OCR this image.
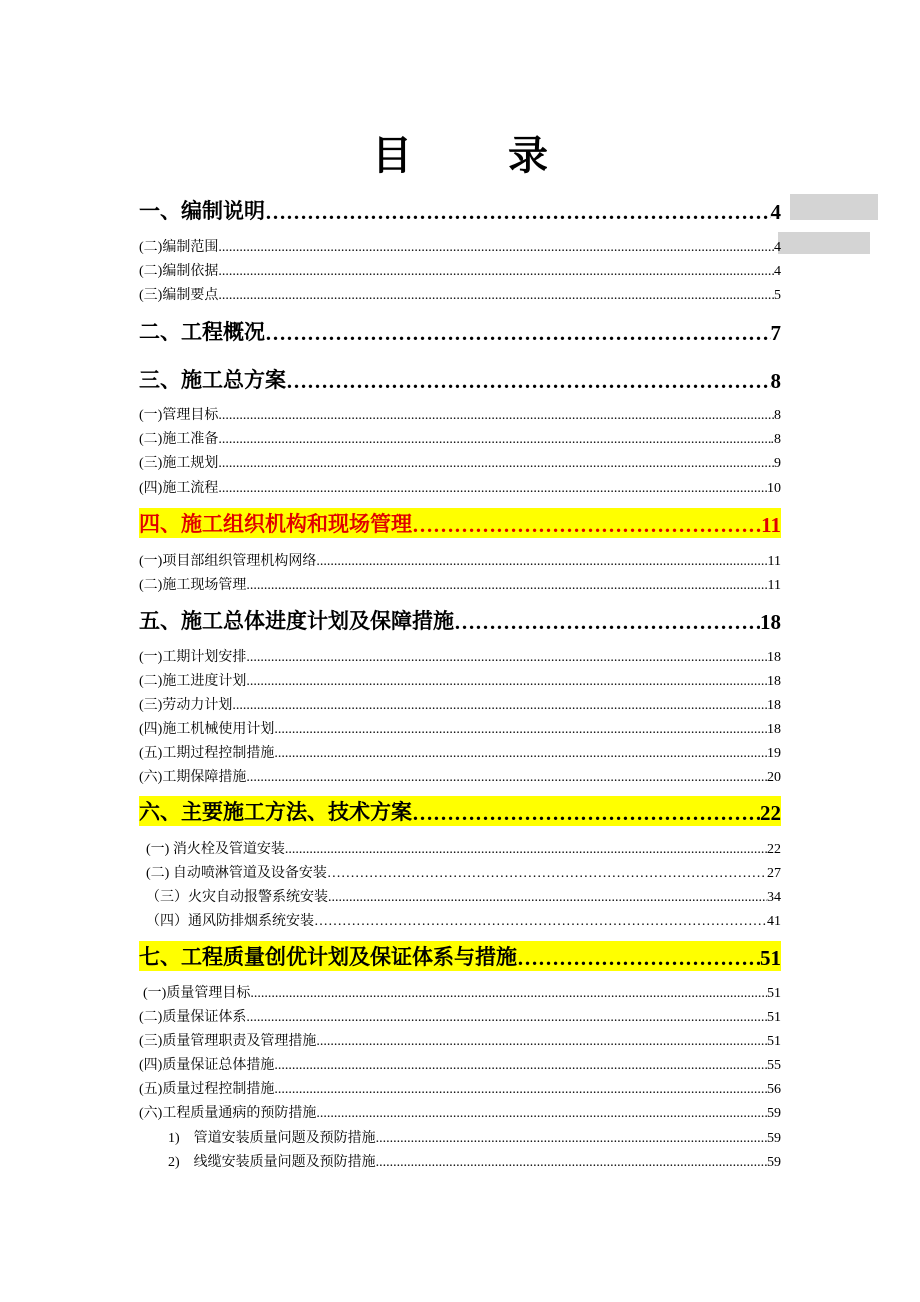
目 录
一、编制说明 ……………………………………………………………………………………………………………………………………………………………………………………………………	4
(二)编制范围 .....	4
(二)编制依据 .....	4
(三)编制要点 .....	5
二、工程概况 ……………………………………………………………………………………………………………………………………………………………………………………………………	7
三、施工总方案 ……………………………………………………………………………………………………………………………………………………………………………………………………	8
(一)管理目标 .....	8
(二)施工准备 .....	.8
(三)施工规划 .....	9
(四)施工流程 .....	10
四、施工组织机构和现场管理 ……………………………………………………………………………………………………………………………………………………………………………………………………	11
(一)项目部组织管理机构网络 .....	11
(二)施工现场管理 .....	11
五、施工总体进度计划及保障措施 ……………………………………………………………………………………………………………………………………………………………………………………………………	18
(一)工期计划安排 .....	18
(二)施工进度计划 .....	18
(三)劳动力计划 .....	18
(四)施工机械使用计划 .....	18
(五)工期过程控制措施 .....	19
(六)工期保障措施 .....	20
六、主要施工方法、技术方案 ……………………………………………………………………………………………………………………………………………………………………………………………………	22
(一) 消火栓及管道安装 .....	22
(二) 自动喷淋管道及设备安装 ………………………………………………………………………………………………………………………………………………………………………………………………………………………………………………………………………………………………………	27
（三）火灾自动报警系统安装 .....	34
（四）通风防排烟系统安装 ………………………………………………………………………………………………………………………………………………………………………………………………………………………………………………………………………………………………………	41
七、工程质量创优计划及保证体系与措施 ……………………………………………………………………………………………………………………………………………………………………………………………………	51
(一)质量管理目标 .....	51
(二)质量保证体系 .....	51
(三)质量管理职责及管理措施 .....	51
(四)质量保证总体措施 .....	55
(五)质量过程控制措施 .....	56
(六)工程质量通病的预防措施 .....	59
1)    管道安装质量问题及预防措施 .....	59
2)    线缆安装质量问题及预防措施 .....	59
